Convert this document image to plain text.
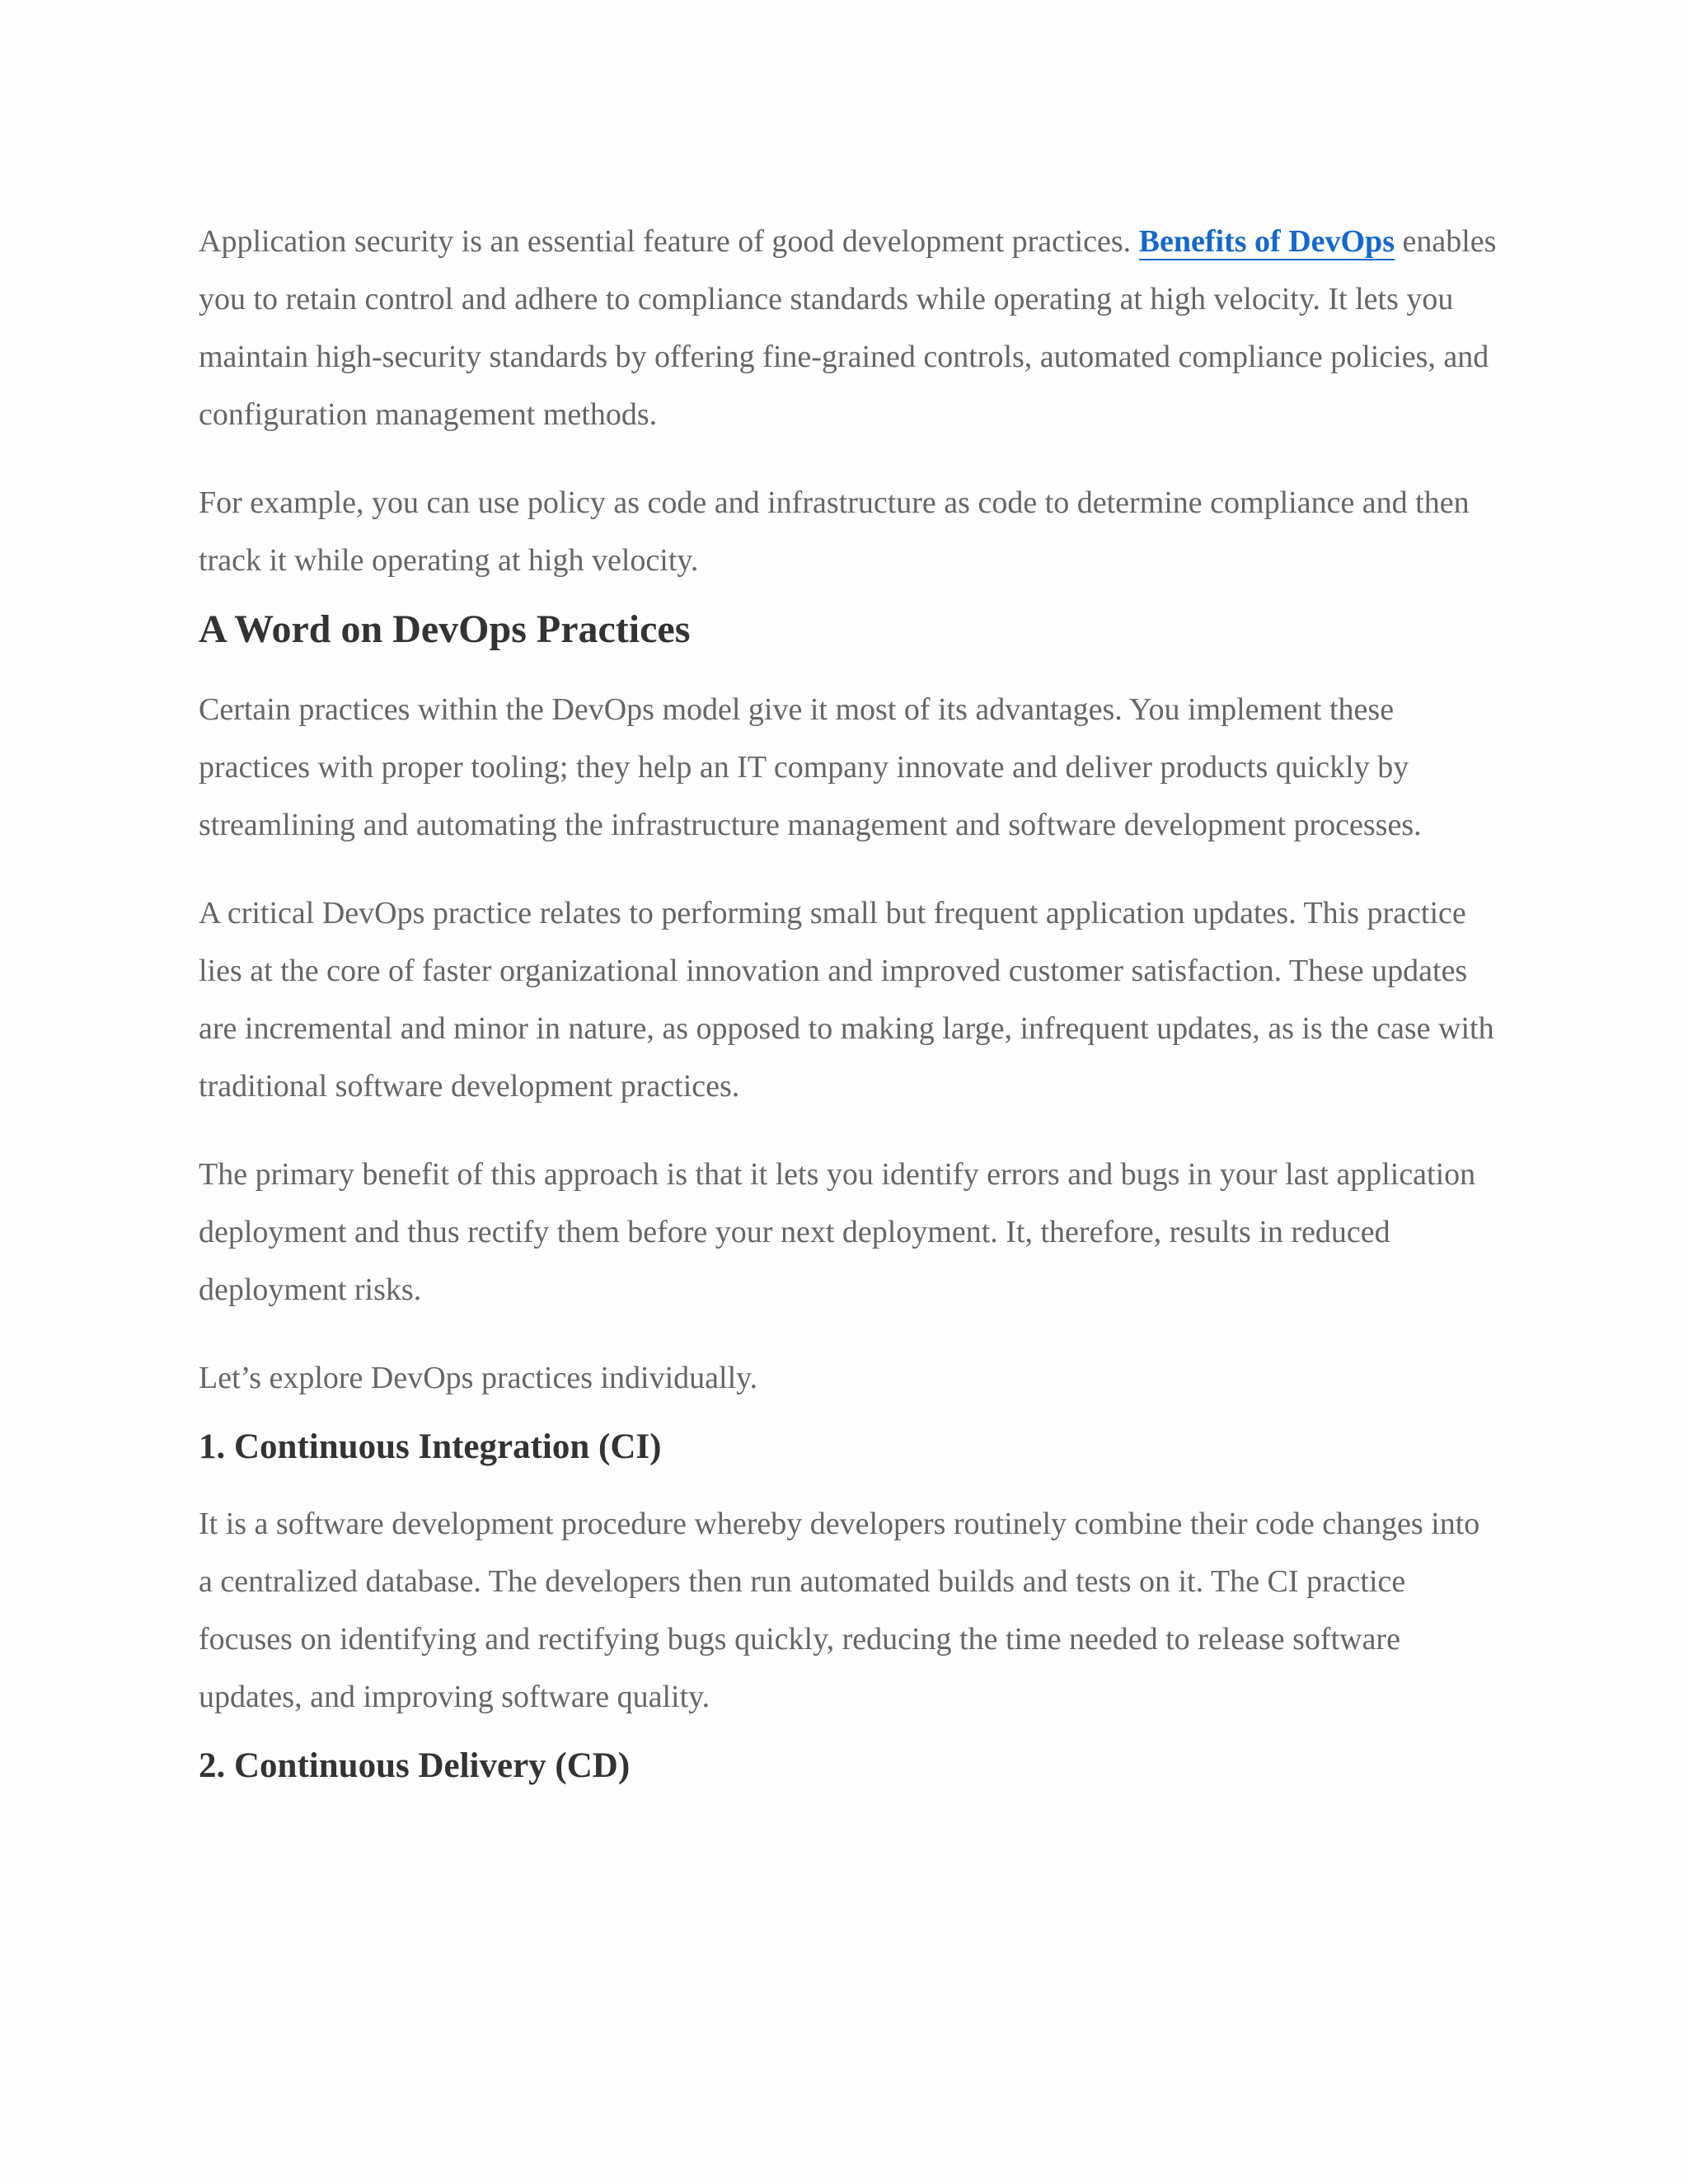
Application security is an essential feature of good development practices. Benefits of DevOps enables you to retain control and adhere to compliance standards while operating at high velocity. It lets you maintain high-security standards by offering fine-grained controls, automated compliance policies, and configuration management methods.

For example, you can use policy as code and infrastructure as code to determine compliance and then track it while operating at high velocity.

A Word on DevOps Practices

Certain practices within the DevOps model give it most of its advantages. You implement these practices with proper tooling; they help an IT company innovate and deliver products quickly by streamlining and automating the infrastructure management and software development processes.

A critical DevOps practice relates to performing small but frequent application updates. This practice lies at the core of faster organizational innovation and improved customer satisfaction. These updates are incremental and minor in nature, as opposed to making large, infrequent updates, as is the case with traditional software development practices.

The primary benefit of this approach is that it lets you identify errors and bugs in your last application deployment and thus rectify them before your next deployment. It, therefore, results in reduced deployment risks.

Let’s explore DevOps practices individually.

1. Continuous Integration (CI)

It is a software development procedure whereby developers routinely combine their code changes into a centralized database. The developers then run automated builds and tests on it. The CI practice focuses on identifying and rectifying bugs quickly, reducing the time needed to release software updates, and improving software quality.

2. Continuous Delivery (CD)
